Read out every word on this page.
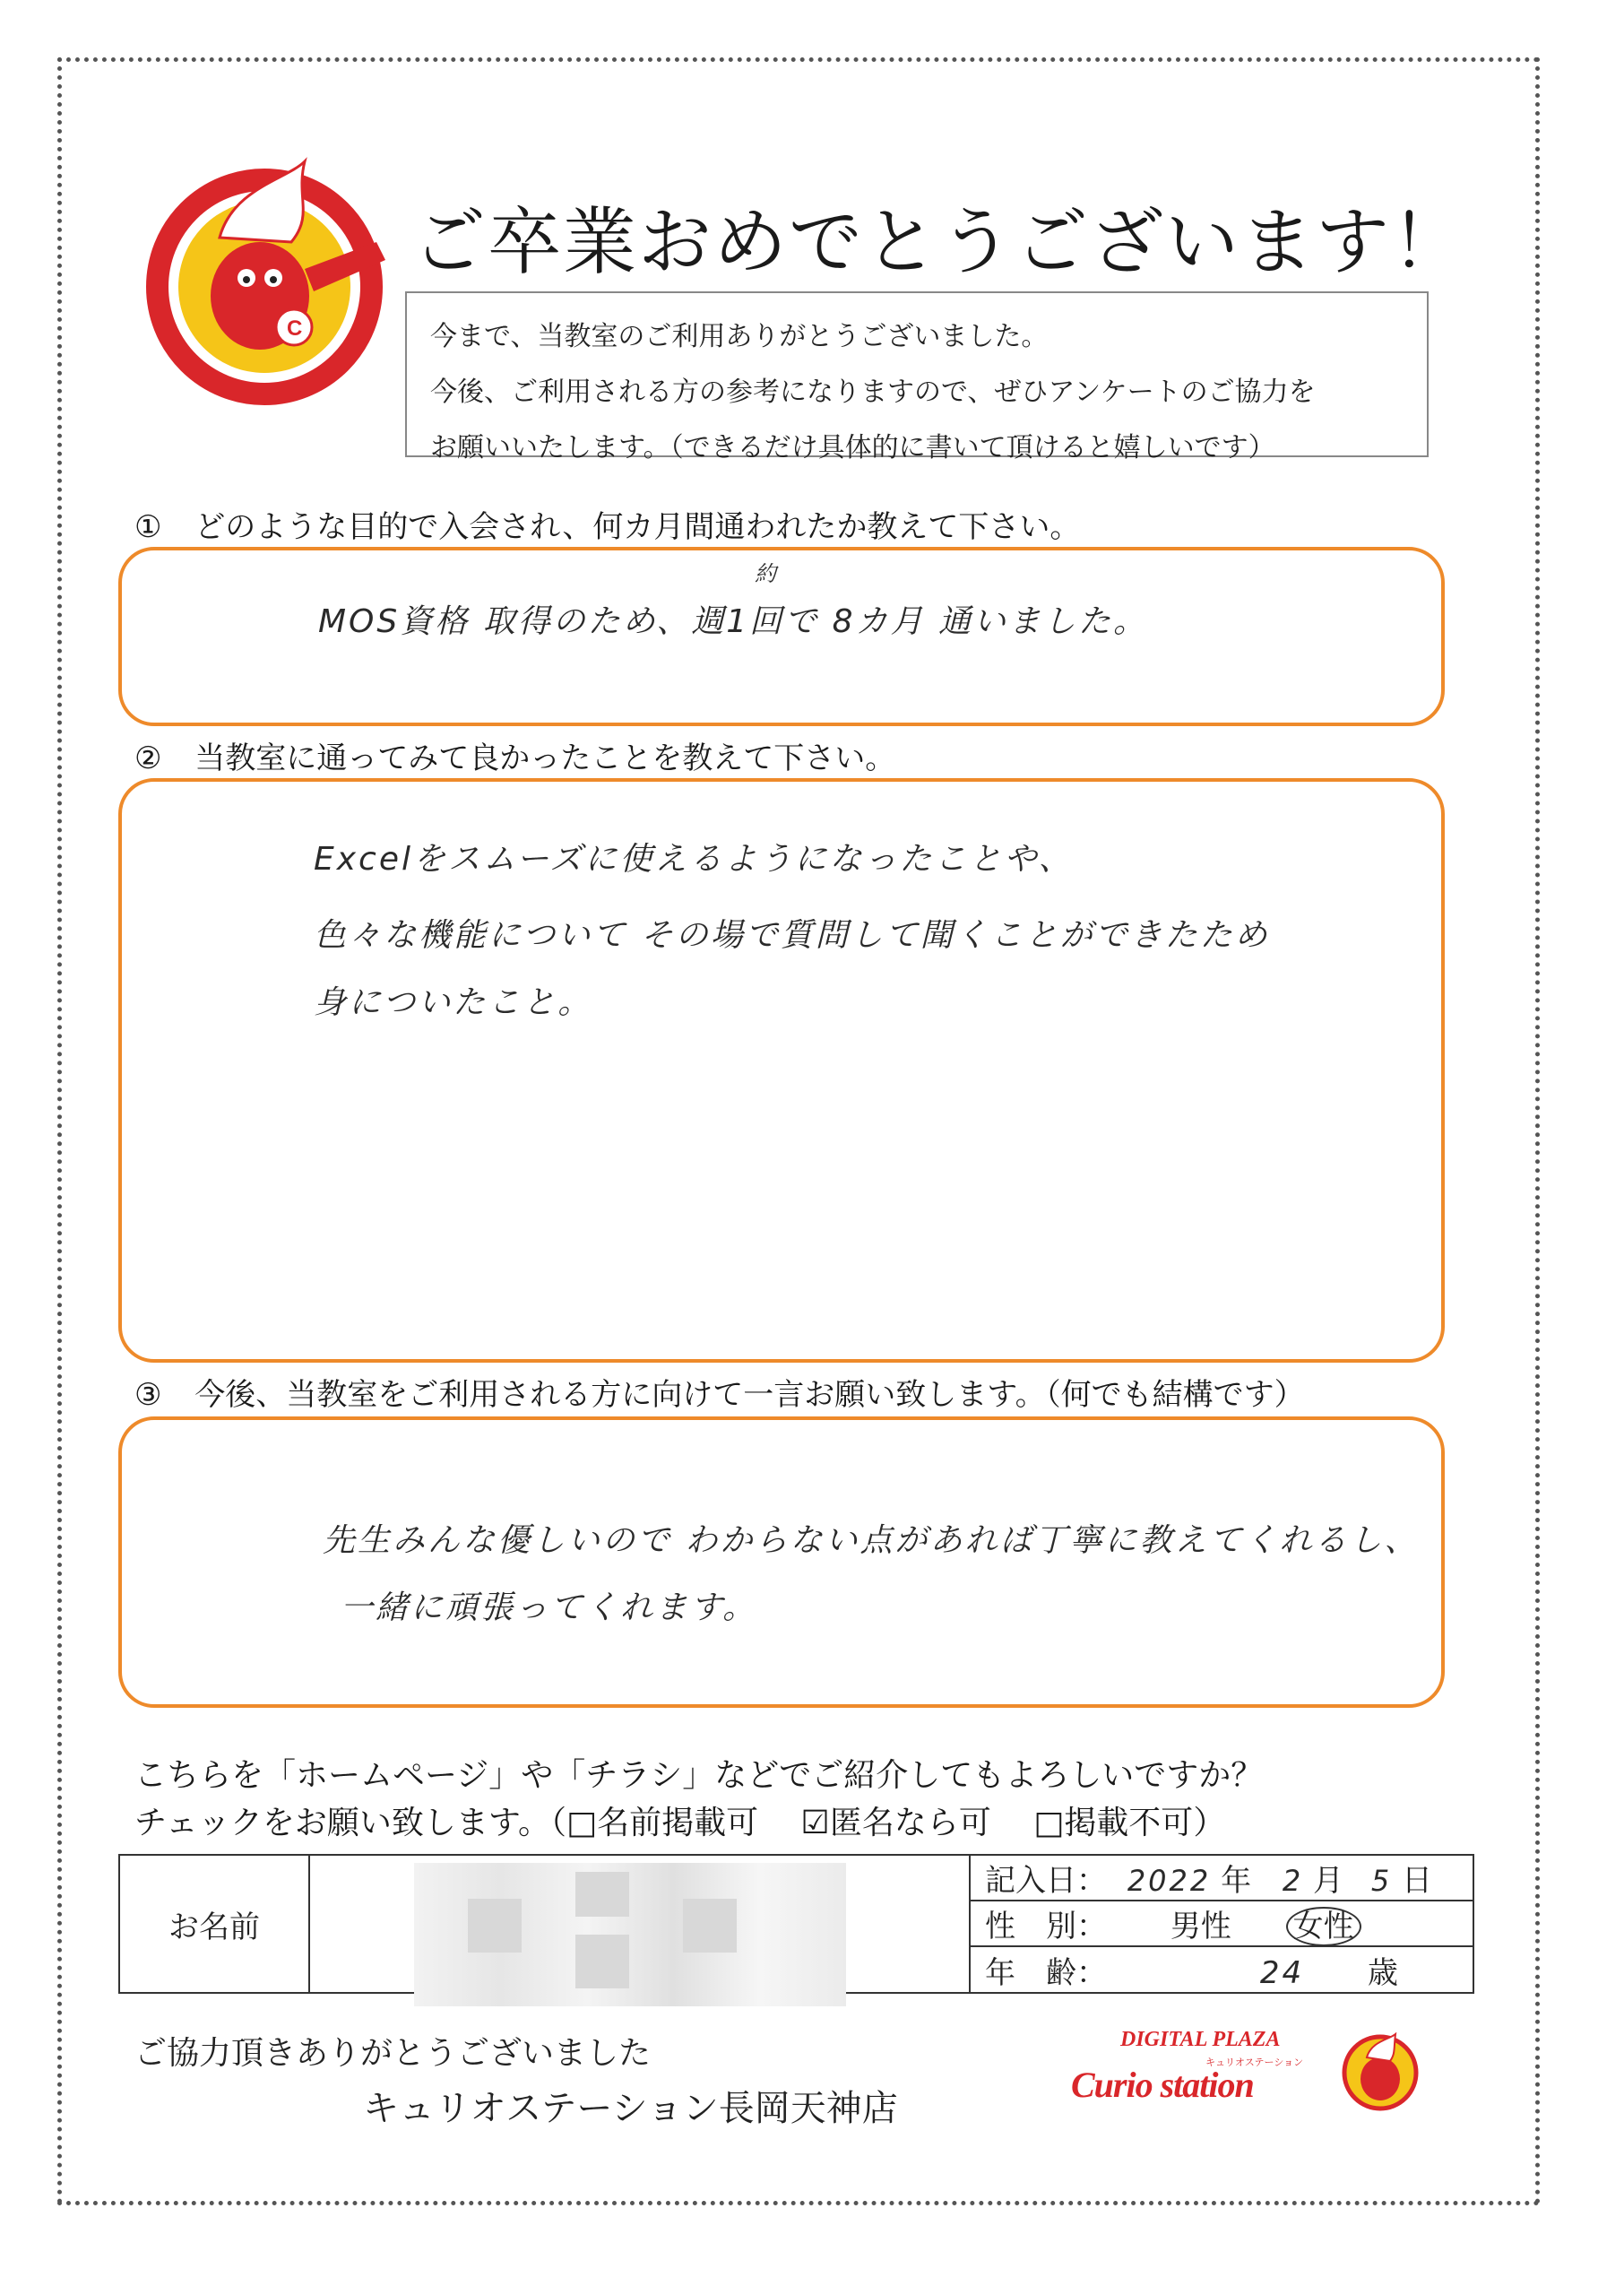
C
ご卒業おめでとうございます！
今まで、当教室のご利用ありがとうございました。
今後、ご利用される方の参考になりますので、ぜひアンケートのご協力を
お願いいたします。（できるだけ具体的に書いて頂けると嬉しいです）
① どのような目的で入会され、何カ月間通われたか教えて下さい。
約
MOS資格 取得のため、週1回で 8カ月 通いました。
② 当教室に通ってみて良かったことを教えて下さい。
Excelをスムーズに使えるようになったことや、
色々な機能について その場で質問して聞くことができたため
身についたこと。
③ 今後、当教室をご利用される方に向けて一言お願い致します。（何でも結構です）
先生みんな優しいので わからない点があれば丁寧に教えてくれるし、
一緒に頑張ってくれます。
こちらを「ホームページ」や「チラシ」などでご紹介してもよろしいですか？
チェックをお願い致します。（□名前掲載可 ☑匿名なら可 □掲載不可）
お名前		記入日： 2022 年 2 月 5 日
性　別： 男性 女性
年　齢：	24 歳
ご協力頂きありがとうございました
キュリオステーション長岡天神店
DIGITAL PLAZA
キュリオステーション
Curio station
